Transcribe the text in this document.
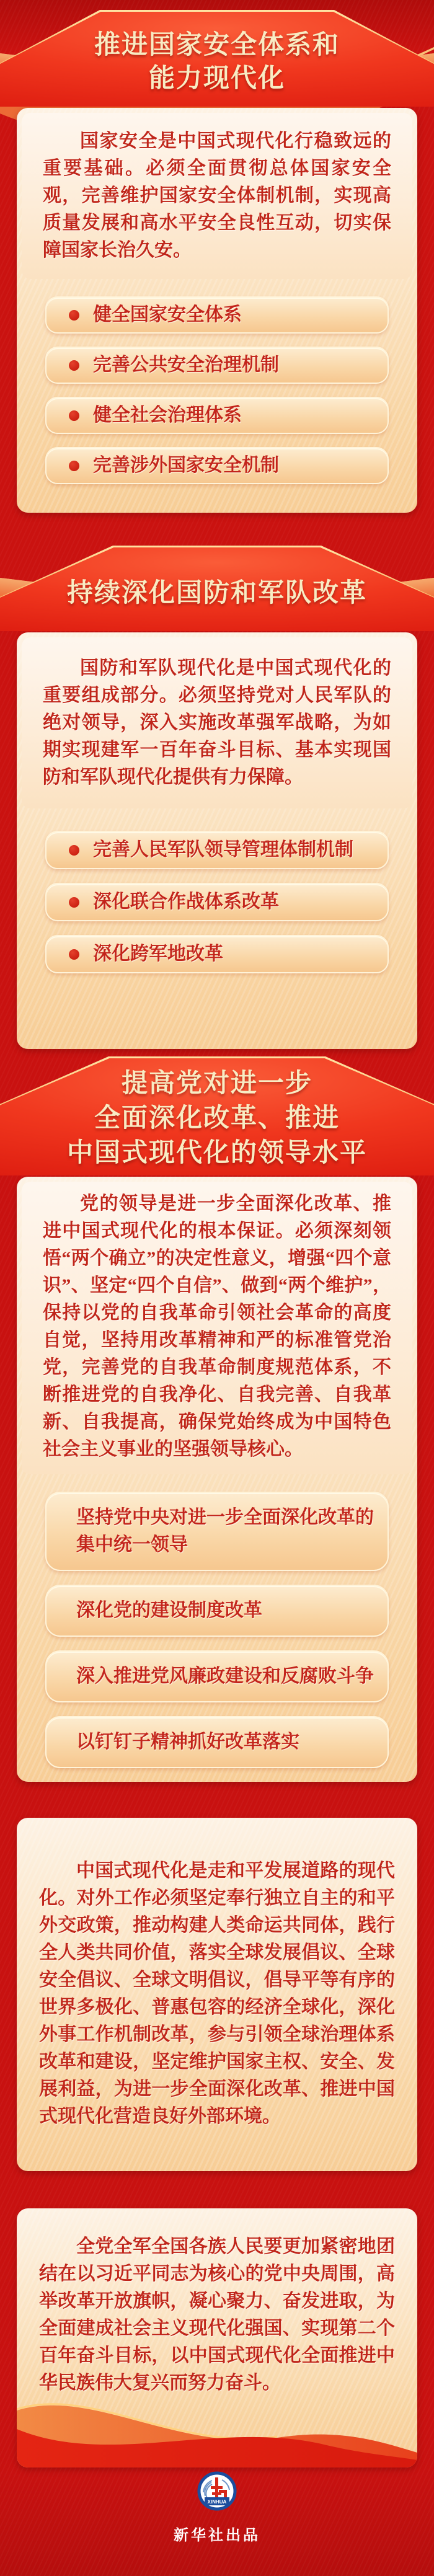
推进国家安全体系和
能力现代化

国家安全是中国式现代化行稳致远的重要基础。必须全面贯彻总体国家安全观，完善维护国家安全体制机制，实现高质量发展和高水平安全良性互动，切实保障国家长治久安。

健全国家安全体系
完善公共安全治理机制
健全社会治理体系
完善涉外国家安全机制
持续深化国防和军队改革

国防和军队现代化是中国式现代化的重要组成部分。必须坚持党对人民军队的绝对领导，深入实施改革强军战略，为如期实现建军一百年奋斗目标、基本实现国防和军队现代化提供有力保障。

完善人民军队领导管理体制机制
深化联合作战体系改革
深化跨军地改革
提高党对进一步
全面深化改革、推进
中国式现代化的领导水平

党的领导是进一步全面深化改革、推进中国式现代化的根本保证。必须深刻领悟“两个确立”的决定性意义，增强“四个意识”、坚定“四个自信”、做到“两个维护”，保持以党的自我革命引领社会革命的高度自觉，坚持用改革精神和严的标准管党治党，完善党的自我革命制度规范体系，不断推进党的自我净化、自我完善、自我革新、自我提高，确保党始终成为中国特色社会主义事业的坚强领导核心。

坚持党中央对进一步全面深化改革的集中统一领导
深化党的建设制度改革
深入推进党风廉政建设和反腐败斗争
以钉钉子精神抓好改革落实

中国式现代化是走和平发展道路的现代化。对外工作必须坚定奉行独立自主的和平外交政策，推动构建人类命运共同体，践行全人类共同价值，落实全球发展倡议、全球安全倡议、全球文明倡议，倡导平等有序的世界多极化、普惠包容的经济全球化，深化外事工作机制改革，参与引领全球治理体系改革和建设，坚定维护国家主权、安全、发展利益，为进一步全面深化改革、推进中国式现代化营造良好外部环境。

全党全军全国各族人民要更加紧密地团结在以习近平同志为核心的党中央周围，高举改革开放旗帜，凝心聚力、奋发进取，为全面建成社会主义现代化强国、实现第二个百年奋斗目标，以中国式现代化全面推进中华民族伟大复兴而努力奋斗。

XINHUA

新华社出品
